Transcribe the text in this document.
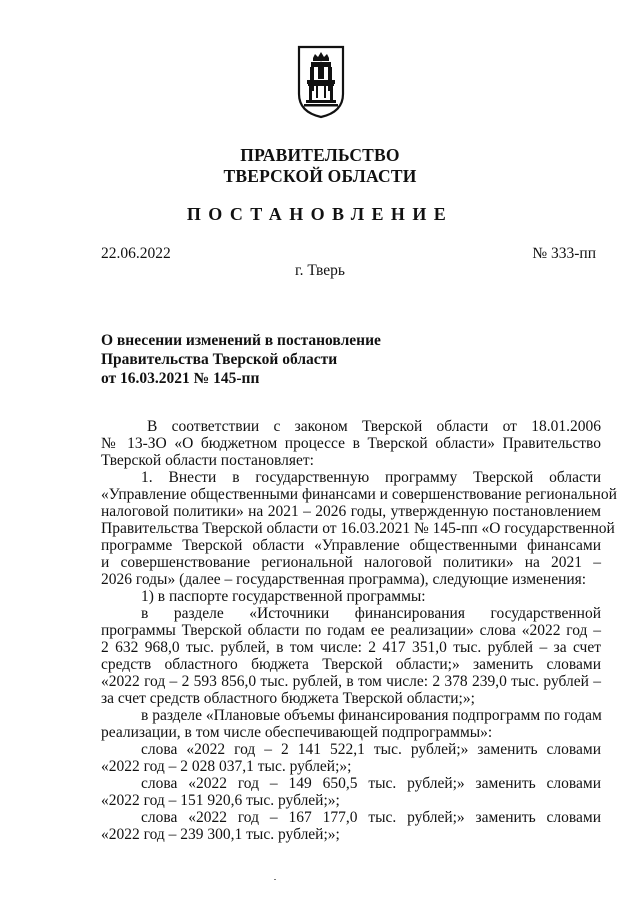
ПРАВИТЕЛЬСТВО
ТВЕРСКОЙ ОБЛАСТИ
ПОСТАНОВЛЕНИЕ
22.06.2022	№ 333-пп
г. Тверь
О внесении изменений в постановление
Правительства Тверской области
от 16.03.2021 № 145-пп
В соответствии с законом Тверской области от 18.01.2006
№ 13-ЗО «О бюджетном процессе в Тверской области» Правительство
Тверской области постановляет:
1. Внести в государственную программу Тверской области
«Управление общественными финансами и совершенствование региональной
налоговой политики» на 2021 – 2026 годы, утвержденную постановлением
Правительства Тверской области от 16.03.2021 № 145-пп «О государственной
программе Тверской области «Управление общественными финансами
и совершенствование региональной налоговой политики» на 2021 –
2026 годы» (далее – государственная программа), следующие изменения:
1) в паспорте государственной программы:
в разделе «Источники финансирования государственной
программы Тверской области по годам ее реализации» слова «2022 год –
2 632 968,0 тыс. рублей, в том числе: 2 417 351,0 тыс. рублей – за счет
средств областного бюджета Тверской области;» заменить словами
«2022 год – 2 593 856,0 тыс. рублей, в том числе: 2 378 239,0 тыс. рублей –
за счет средств областного бюджета Тверской области;»;
в разделе «Плановые объемы финансирования подпрограмм по годам
реализации, в том числе обеспечивающей подпрограммы»:
слова «2022 год – 2 141 522,1 тыс. рублей;» заменить словами
«2022 год – 2 028 037,1 тыс. рублей;»;
слова «2022 год – 149 650,5 тыс. рублей;» заменить словами
«2022 год – 151 920,6 тыс. рублей;»;
слова «2022 год – 167 177,0 тыс. рублей;» заменить словами
«2022 год – 239 300,1 тыс. рублей;»;
